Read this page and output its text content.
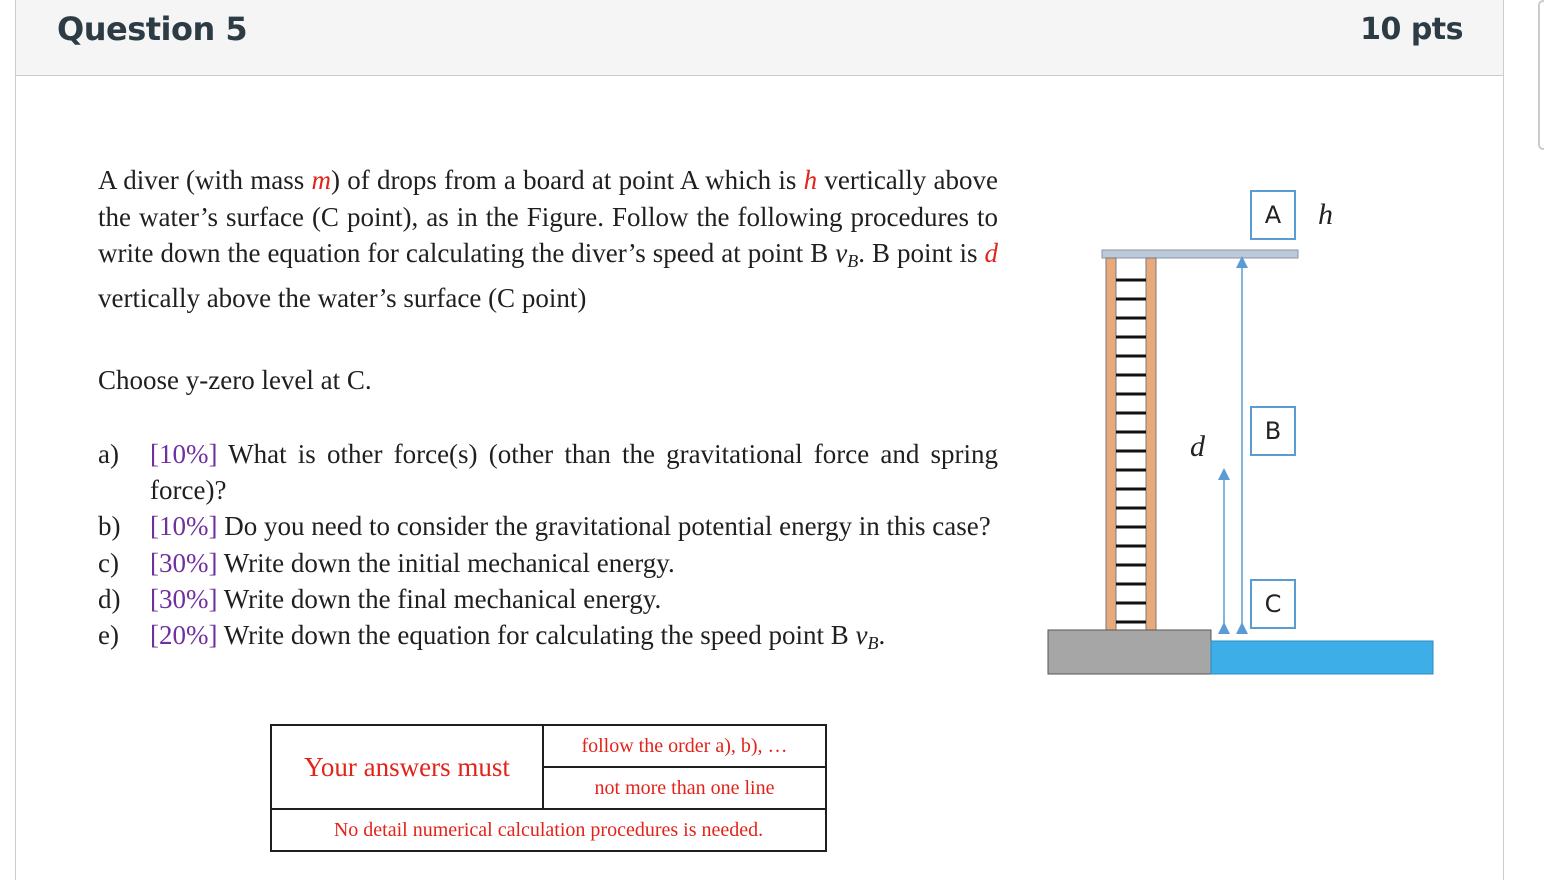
Question 5	10 pts
A diver (with mass m) of drops from a board at point A which is h vertically above the water’s surface (C point), as in the Figure. Follow the following procedures to write down the equation for calculating the diver’s speed at point B $v_B$. B point is d vertically above the water’s surface (C point)
Choose y-zero level at C.
a)	[10%] What is other force(s) (other than the gravitational force and spring force)?
b)	[10%] Do you need to consider the gravitational potential energy in this case?
c)	[30%] Write down the initial mechanical energy.
d)	[30%] Write down the final mechanical energy.
e)	[20%] Write down the equation for calculating the speed point B $v_B$.
Your answers must	follow the order a), b), …
not more than one line
No detail numerical calculation procedures is needed.
A
B
C
h
d
